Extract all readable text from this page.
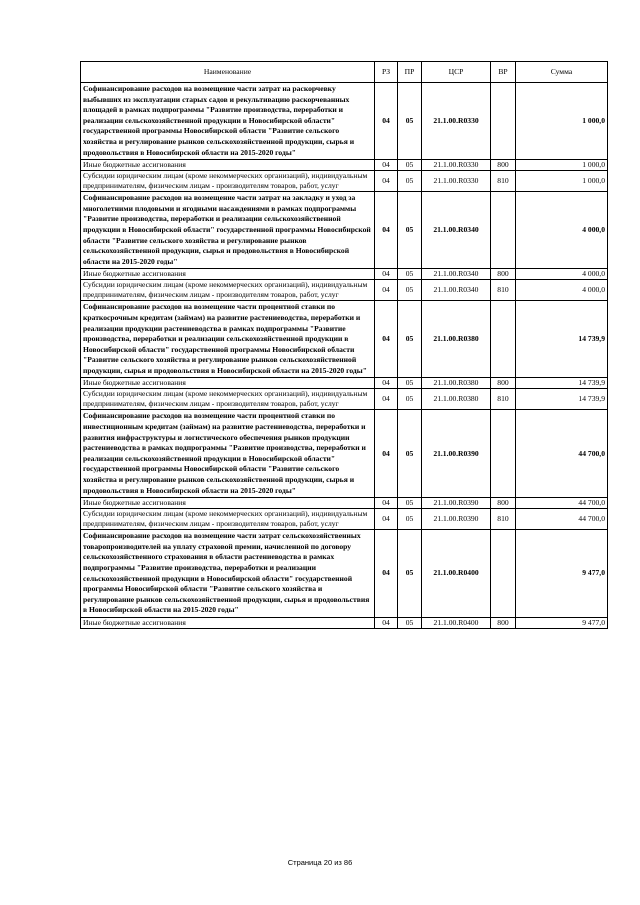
Наименование	РЗ	ПР	ЦСР	ВР	Сумма
Софинансирование расходов на возмещение части затрат на раскорчевку выбывших из эксплуатации старых садов и рекультивацию раскорчеванных площадей в рамках подпрограммы "Развитие производства, переработки и реализации сельскохозяйственной продукции в Новосибирской области" государственной программы Новосибирской области "Развитие сельского хозяйства и регулирование рынков сельскохозяйственной продукции, сырья и продовольствия в Новосибирской области на 2015-2020 годы"	04	05	21.1.00.R0330		1 000,0
Иные бюджетные ассигнования	04	05	21.1.00.R0330	800	1 000,0
Субсидии юридическим лицам (кроме некоммерческих организаций), индивидуальным предпринимателям, физическим лицам - производителям товаров, работ, услуг	04	05	21.1.00.R0330	810	1 000,0
Софинансирование расходов на возмещение части затрат на закладку и уход за многолетними плодовыми и ягодными насаждениями в рамках подпрограммы "Развитие производства, переработки и реализации сельскохозяйственной продукции в Новосибирской области" государственной программы Новосибирской области "Развитие сельского хозяйства и регулирование рынков сельскохозяйственной продукции, сырья и продовольствия в Новосибирской области на 2015-2020 годы"	04	05	21.1.00.R0340		4 000,0
Иные бюджетные ассигнования	04	05	21.1.00.R0340	800	4 000,0
Субсидии юридическим лицам (кроме некоммерческих организаций), индивидуальным предпринимателям, физическим лицам - производителям товаров, работ, услуг	04	05	21.1.00.R0340	810	4 000,0
Софинансирование расходов на возмещение части процентной ставки по краткосрочным кредитам (займам) на развитие растениеводства, переработки и реализации продукции растениеводства в рамках подпрограммы "Развитие производства, переработки и реализации сельскохозяйственной продукции в Новосибирской области" государственной программы Новосибирской области "Развитие сельского хозяйства и регулирование рынков сельскохозяйственной продукции, сырья и продовольствия в Новосибирской области на 2015-2020 годы"	04	05	21.1.00.R0380		14 739,9
Иные бюджетные ассигнования	04	05	21.1.00.R0380	800	14 739,9
Субсидии юридическим лицам (кроме некоммерческих организаций), индивидуальным предпринимателям, физическим лицам - производителям товаров, работ, услуг	04	05	21.1.00.R0380	810	14 739,9
Софинансирование расходов на возмещение части процентной ставки по инвестиционным кредитам (займам) на развитие растениеводства, переработки и развития инфраструктуры и логистического обеспечения рынков продукции растениеводства в рамках подпрограммы "Развитие производства, переработки и реализации сельскохозяйственной продукции в Новосибирской области" государственной программы Новосибирской области "Развитие сельского хозяйства и регулирование рынков сельскохозяйственной продукции, сырья и продовольствия в Новосибирской области на 2015-2020 годы"	04	05	21.1.00.R0390		44 700,0
Иные бюджетные ассигнования	04	05	21.1.00.R0390	800	44 700,0
Субсидии юридическим лицам (кроме некоммерческих организаций), индивидуальным предпринимателям, физическим лицам - производителям товаров, работ, услуг	04	05	21.1.00.R0390	810	44 700,0
Софинансирование расходов на возмещение части затрат сельскохозяйственных товаропроизводителей на уплату страховой премии, начисленной по договору сельскохозяйственного страхования в области растениеводства в рамках подпрограммы "Развитие производства, переработки и реализации сельскохозяйственной продукции в Новосибирской области" государственной программы Новосибирской области "Развитие сельского хозяйства и регулирование рынков сельскохозяйственной продукции, сырья и продовольствия в Новосибирской области на 2015-2020 годы"	04	05	21.1.00.R0400		9 477,0
Иные бюджетные ассигнования	04	05	21.1.00.R0400	800	9 477,0
Страница 20 из 86
